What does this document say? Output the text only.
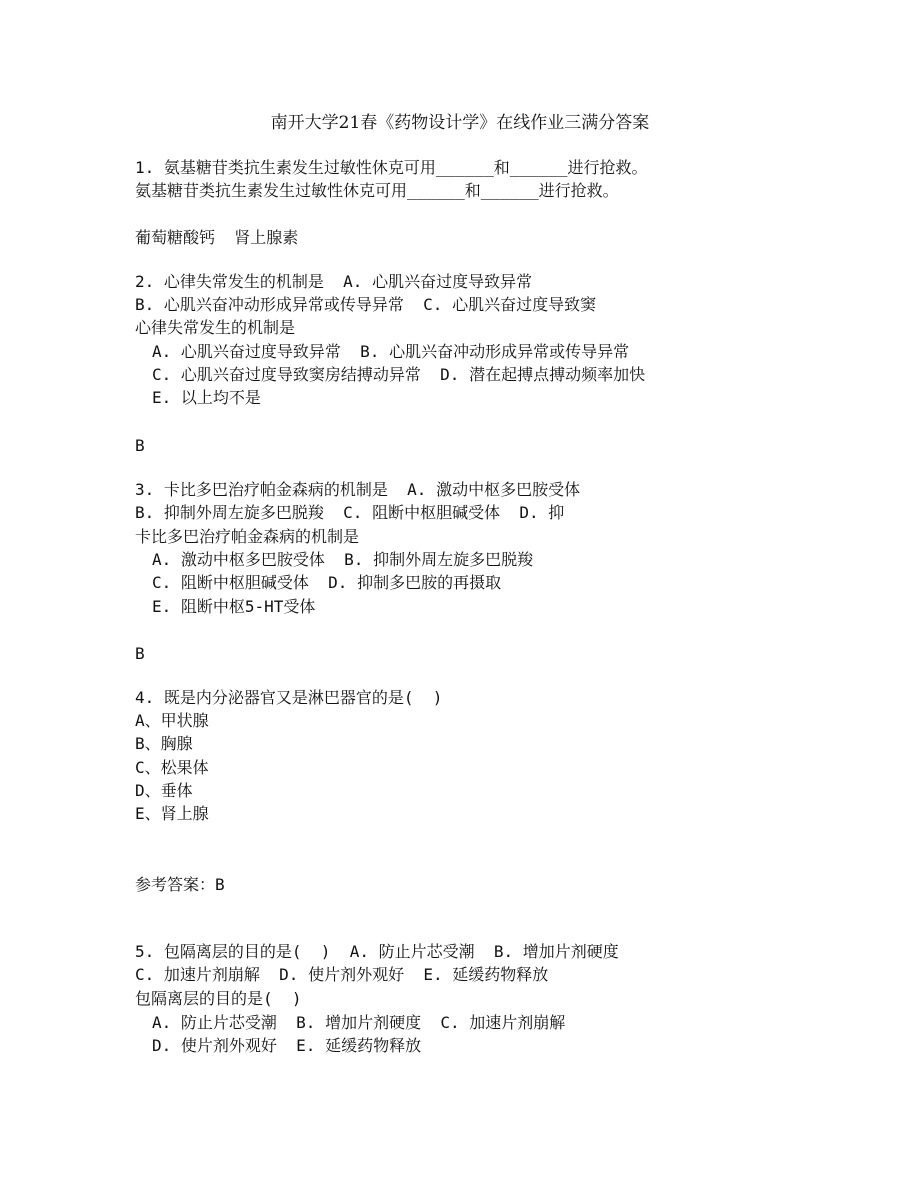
南开大学21春《药物设计学》在线作业三满分答案
1. 氨基糖苷类抗生素发生过敏性休克可用______和______进行抢救。
氨基糖苷类抗生素发生过敏性休克可用______和______进行抢救。
葡萄糖酸钙  肾上腺素
2. 心律失常发生的机制是  A. 心肌兴奋过度导致异常
B. 心肌兴奋冲动形成异常或传导异常  C. 心肌兴奋过度导致窦
心律失常发生的机制是
A. 心肌兴奋过度导致异常  B. 心肌兴奋冲动形成异常或传导异常
C. 心肌兴奋过度导致窦房结搏动异常  D. 潜在起搏点搏动频率加快
E. 以上均不是
B
3. 卡比多巴治疗帕金森病的机制是  A. 激动中枢多巴胺受体
B. 抑制外周左旋多巴脱羧  C. 阻断中枢胆碱受体  D. 抑
卡比多巴治疗帕金森病的机制是
A. 激动中枢多巴胺受体  B. 抑制外周左旋多巴脱羧
C. 阻断中枢胆碱受体  D. 抑制多巴胺的再摄取
E. 阻断中枢5-HT受体
B
4. 既是内分泌器官又是淋巴器官的是(  )
A、甲状腺
B、胸腺
C、松果体
D、垂体
E、肾上腺
参考答案：B
5. 包隔离层的目的是(  )  A. 防止片芯受潮  B. 增加片剂硬度
C. 加速片剂崩解  D. 使片剂外观好  E. 延缓药物释放
包隔离层的目的是(  )
A. 防止片芯受潮  B. 增加片剂硬度  C. 加速片剂崩解
D. 使片剂外观好  E. 延缓药物释放
